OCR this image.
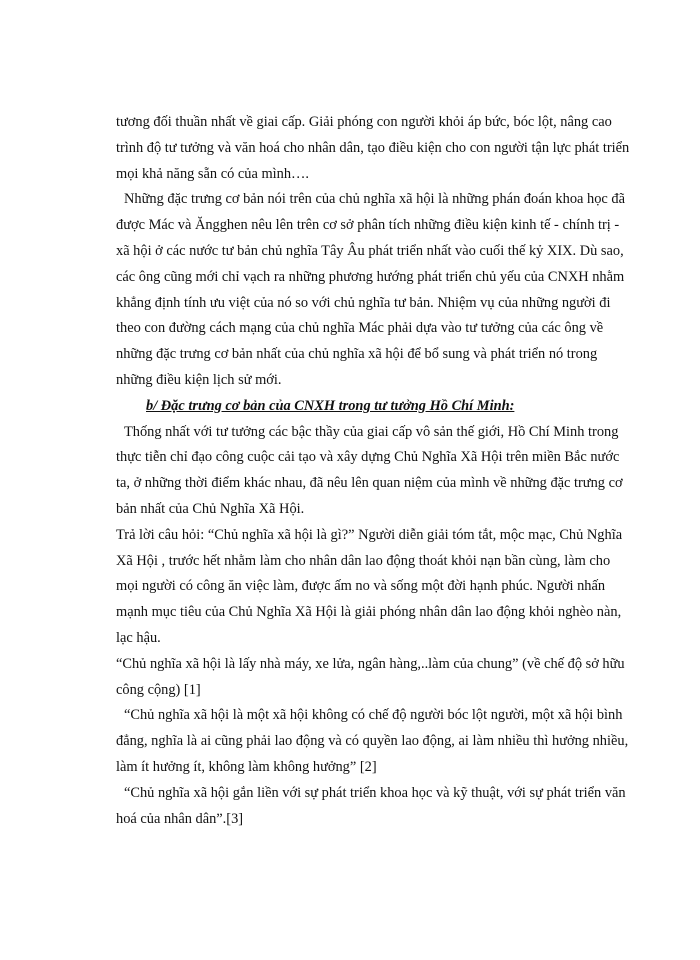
tương đối thuần nhất về giai cấp. Giải phóng con người khỏi áp bức, bóc lột, nâng cao trình độ tư tưởng và văn hoá cho nhân dân, tạo điều kiện cho con người tận lực phát triển mọi khả năng sẵn có của mình….

Những đặc trưng cơ bản nói trên của chủ nghĩa xã hội là những phán đoán khoa học đã được Mác và Ăngghen nêu lên trên cơ sở phân tích những điều kiện kinh tế - chính trị - xã hội ở các nước tư bản chủ nghĩa Tây Âu phát triển nhất vào cuối thế kỷ XIX. Dù sao, các ông cũng mới chỉ vạch ra những phương hướng phát triển chủ yếu của CNXH nhằm khẳng định tính ưu việt của nó so với chủ nghĩa tư bản. Nhiệm vụ của những người đi theo con đường cách mạng của chủ nghĩa Mác phải dựa vào tư tưởng của các ông về những đặc trưng cơ bản nhất của chủ nghĩa xã hội để bổ sung và phát triển nó trong những điều kiện lịch sử mới.

b/ Đặc trưng cơ bản của CNXH trong tư tưởng Hồ Chí Minh:

Thống nhất với tư tưởng các bậc thầy của giai cấp vô sản thế giới, Hồ Chí Minh trong thực tiễn chỉ đạo công cuộc cải tạo và xây dựng Chủ Nghĩa Xã Hội trên miền Bắc nước ta, ở những thời điểm khác nhau, đã nêu lên quan niệm của mình về những đặc trưng cơ bản nhất của Chủ Nghĩa Xã Hội.

Trả lời câu hỏi: “Chủ nghĩa xã hội là gì?” Người diễn giải tóm tắt, mộc mạc, Chủ Nghĩa Xã Hội , trước hết nhằm làm cho nhân dân lao động thoát khỏi nạn bần cùng, làm cho mọi người có công ăn việc làm, được ấm no và sống một đời hạnh phúc. Người nhấn mạnh mục tiêu của Chủ Nghĩa Xã Hội là giải phóng nhân dân lao động khỏi nghèo nàn, lạc hậu.

“Chủ nghĩa xã hội là lấy nhà máy, xe lửa, ngân hàng,..làm của chung” (về chế độ sở hữu công cộng) [1]

“Chủ nghĩa xã hội là một xã hội không có chế độ người bóc lột người, một xã hội bình đẳng, nghĩa là ai cũng phải lao động và có quyền lao động, ai làm nhiều thì hưởng nhiều, làm ít hưởng ít, không làm không hưởng” [2]

“Chủ nghĩa xã hội gắn liền với sự phát triển khoa học và kỹ thuật, với sự phát triển văn hoá của nhân dân”.[3]
